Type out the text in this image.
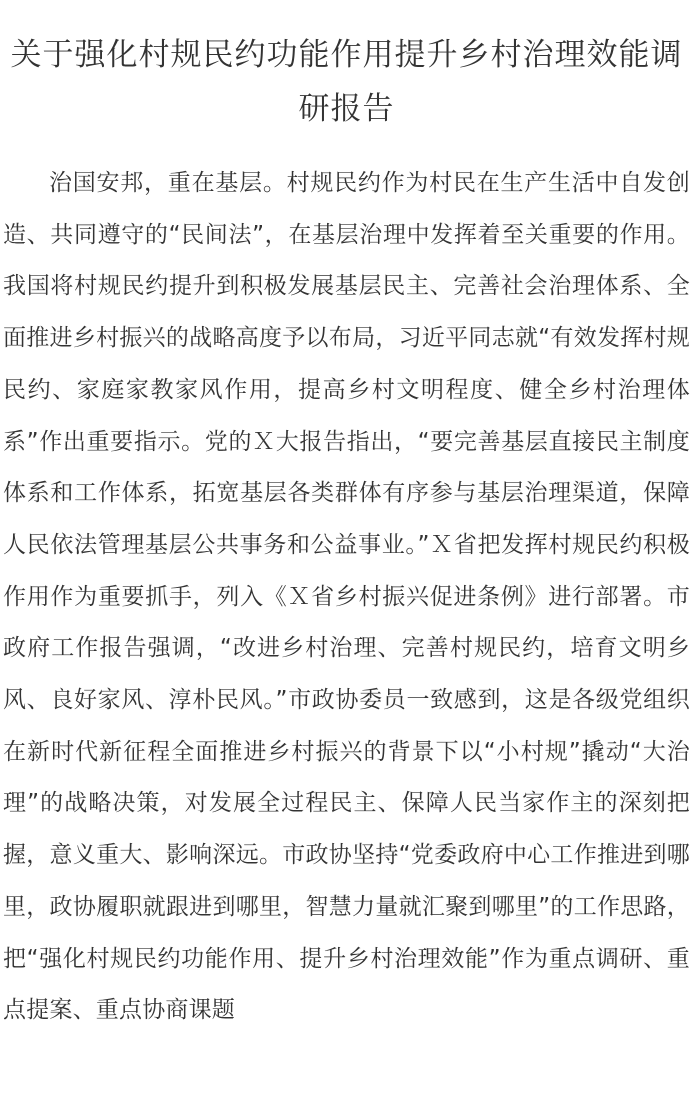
关于强化村规民约功能作用提升乡村治理效能调研报告

治国安邦，重在基层。村规民约作为村民在生产生活中自发创造、共同遵守的“民间法”，在基层治理中发挥着至关重要的作用。我国将村规民约提升到积极发展基层民主、完善社会治理体系、全面推进乡村振兴的战略高度予以布局，习近平同志就“有效发挥村规民约、家庭家教家风作用，提高乡村文明程度、健全乡村治理体系”作出重要指示。党的Ｘ大报告指出，“要完善基层直接民主制度体系和工作体系，拓宽基层各类群体有序参与基层治理渠道，保障人民依法管理基层公共事务和公益事业。”Ｘ省把发挥村规民约积极作用作为重要抓手，列入《Ｘ省乡村振兴促进条例》进行部署。市政府工作报告强调，“改进乡村治理、完善村规民约，培育文明乡风、良好家风、淳朴民风。”市政协委员一致感到，这是各级党组织在新时代新征程全面推进乡村振兴的背景下以“小村规”撬动“大治理”的战略决策，对发展全过程民主、保障人民当家作主的深刻把握，意义重大、影响深远。市政协坚持“党委政府中心工作推进到哪里，政协履职就跟进到哪里，智慧力量就汇聚到哪里”的工作思路，把“强化村规民约功能作用、提升乡村治理效能”作为重点调研、重点提案、重点协商课题
